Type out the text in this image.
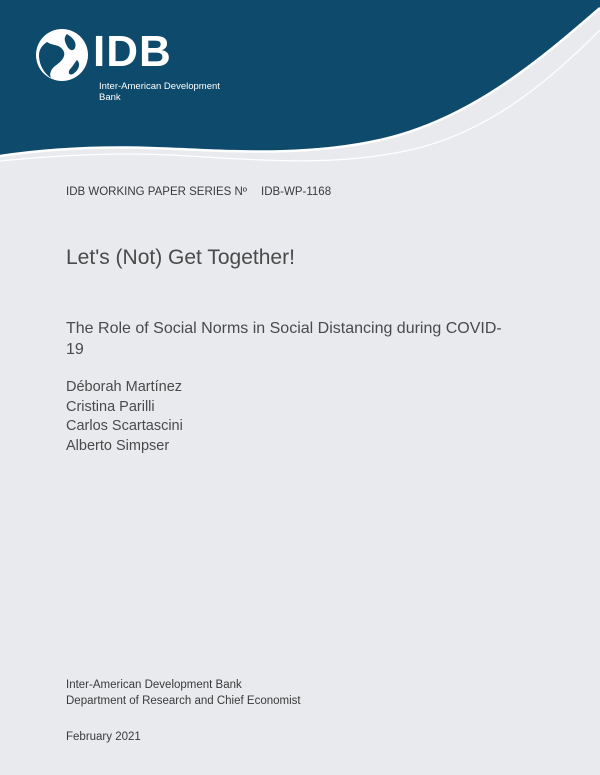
IDB
Inter-American Development Bank
IDB WORKING PAPER SERIES Nº IDB-WP-1168
Let's (Not) Get Together!
The Role of Social Norms in Social Distancing during COVID-19
Déborah Martínez
Cristina Parilli
Carlos Scartascini
Alberto Simpser
Inter-American Development Bank
Department of Research and Chief Economist
February 2021
